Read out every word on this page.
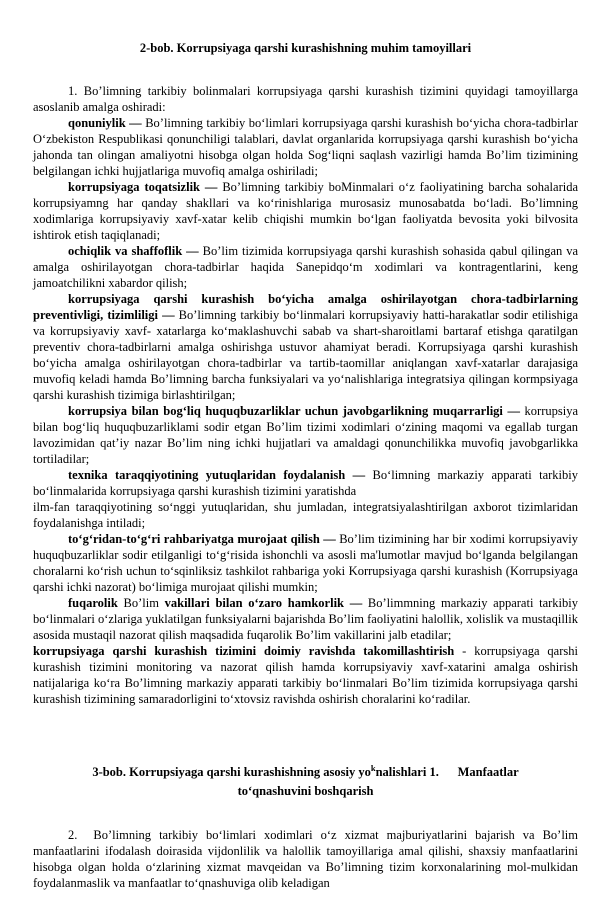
2-bob. Korrupsiyaga qarshi kurashishning muhim tamoyillari

1. Bo’limning tarkibiy bolinmalari korrupsiyaga qarshi kurashish tizimini quyidagi tamoyillarga asoslanib amalga oshiradi:

qonuniylik — Bo’limning tarkibiy boʻlimlari korrupsiyaga qarshi kurashish boʻyicha chora-tadbirlar Oʻzbekiston Respublikasi qonunchiligi talablari, davlat organlarida korrupsiyaga qarshi kurashish boʻyicha jahonda tan olingan amaliyotni hisobga olgan holda Sogʻliqni saqlash vazirligi hamda Bo’lim tizimining belgilangan ichki hujjatlariga muvofiq amalga oshiriladi;

korrupsiyaga toqatsizlik — Bo’limning tarkibiy boMinmalari oʻz faoliyatining barcha sohalarida korrupsiyamng har qanday shakllari va koʻrinishlariga murosasiz munosabatda boʻladi. Bo’limning xodimlariga korrupsiyaviy xavf-xatar kelib chiqishi mumkin boʻlgan faoliyatda bevosita yoki bilvosita ishtirok etish taqiqlanadi;

ochiqlik va shaffoflik — Bo’lim tizimida korrupsiyaga qarshi kurashish sohasida qabul qilingan va amalga oshirilayotgan chora-tadbirlar haqida Sanepidqoʻm xodimlari va kontragentlarini, keng jamoatchilikni xabardor qilish;

korrupsiyaga qarshi kurashish boʻyicha amalga oshirilayotgan chora-tadbirlarning preventivligi, tizimliligi — Bo’limning tarkibiy boʻlinmalari korrupsiyaviy hatti-harakatlar sodir etilishiga va korrupsiyaviy xavf- xatarlarga koʻmaklashuvchi sabab va shart-sharoitlami bartaraf etishga qaratilgan preventiv chora-tadbirlarni amalga oshirishga ustuvor ahamiyat beradi. Korrupsiyaga qarshi kurashish boʻyicha amalga oshirilayotgan chora-tadbirlar va tartib-taomillar aniqlangan xavf-xatarlar darajasiga muvofiq keladi hamda Bo’limning barcha funksiyalari va yoʻnalishlariga integratsiya qilingan kormpsiyaga qarshi kurashish tizimiga birlashtirilgan;

korrupsiya bilan bogʻliq huquqbuzarliklar uchun javobgarlikning muqarrarligi — korrupsiya bilan bogʻliq huquqbuzarliklami sodir etgan Bo’lim tizimi xodimlari oʻzining maqomi va egallab turgan lavozimidan qat’iy nazar Bo’lim ning ichki hujjatlari va amaldagi qonunchilikka muvofiq javobgarlikka tortiladilar;

texnika taraqqiyotining yutuqlaridan foydalanish — Boʻlimning markaziy apparati tarkibiy boʻlinmalarida korrupsiyaga qarshi kurashish tizimini yaratishda

ilm-fan taraqqiyotining soʻnggi yutuqlaridan, shu jumladan, integratsiyalashtirilgan axborot tizimlaridan foydalanishga intiladi;

toʻgʻridan-toʻgʻri rahbariyatga murojaat qilish — Bo’lim tizimining har bir xodimi korrupsiyaviy huquqbuzarliklar sodir etilganligi toʻgʻrisida ishonchli va asosli ma'lumotlar mavjud boʻlganda belgilangan choralarni koʻrish uchun toʻsqinliksiz tashkilot rahbariga yoki Korrupsiyaga qarshi kurashish (Korrupsiyaga qarshi ichki nazorat) boʻlimiga murojaat qilishi mumkin;

fuqarolik Bo’lim vakillari bilan oʻzaro hamkorlik — Bo’limmning markaziy apparati tarkibiy boʻlinmalari oʻzlariga yuklatilgan funksiyalarni bajarishda Bo’lim faoliyatini halollik, xolislik va mustaqillik asosida mustaqil nazorat qilish maqsadida fuqarolik Bo’lim vakillarini jalb etadilar;

korrupsiyaga qarshi kurashish tizimini doimiy ravishda takomillashtirish - korrupsiyaga qarshi kurashish tizimini monitoring va nazorat qilish hamda korrupsiyaviy xavf-xatarini amalga oshirish natijalariga koʻra Bo’limning markaziy apparati tarkibiy boʻlinmalari Bo’lim tizimida korrupsiyaga qarshi kurashish tizimining samaradorligini toʻxtovsiz ravishda oshirish choralarini koʻradilar.

3-bob. Korrupsiyaga qarshi kurashishning asosiy $yo^knalishlari$ 1.      Manfaatlar
toʻqnashuvini boshqarish

2.  Bo’limning tarkibiy boʻlimlari xodimlari oʻz xizmat majburiyatlarini bajarish va Bo’lim manfaatlarini ifodalash doirasida vijdonlilik va halollik tamoyillariga amal qilishi, shaxsiy manfaatlarini hisobga olgan holda oʻzlarining xizmat mavqeidan va Bo’limning tizim korxonalarining mol-mulkidan foydalanmaslik va manfaatlar toʻqnashuviga olib keladigan
